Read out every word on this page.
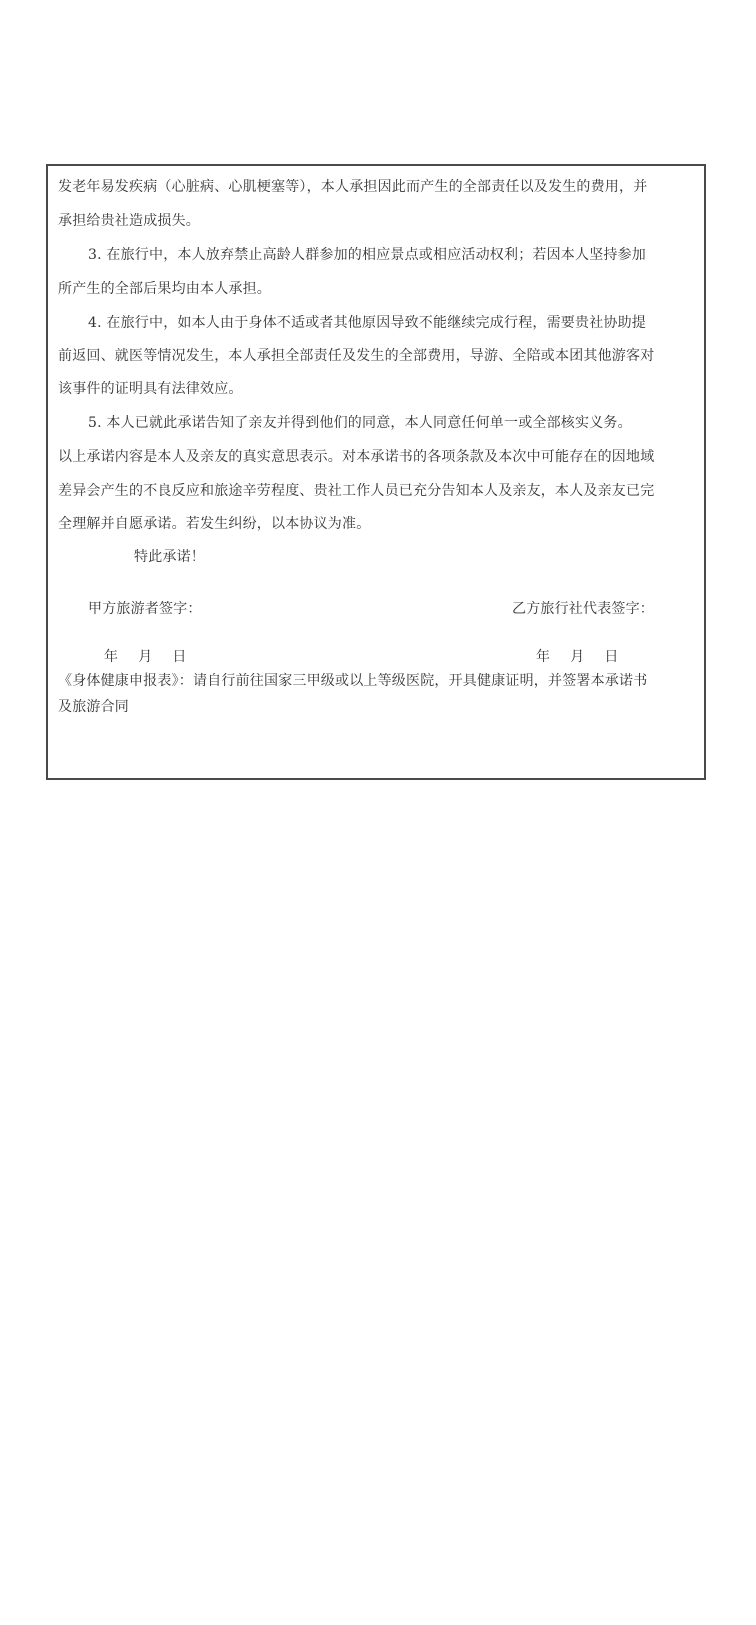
发老年易发疾病（心脏病、心肌梗塞等），本人承担因此而产生的全部责任以及发生的费用，并
承担给贵社造成损失。
3. 在旅行中，本人放弃禁止高龄人群参加的相应景点或相应活动权利；若因本人坚持参加
所产生的全部后果均由本人承担。
4. 在旅行中，如本人由于身体不适或者其他原因导致不能继续完成行程，需要贵社协助提
前返回、就医等情况发生，本人承担全部责任及发生的全部费用，导游、全陪或本团其他游客对
该事件的证明具有法律效应。
5. 本人已就此承诺告知了亲友并得到他们的同意，本人同意任何单一或全部核实义务。
以上承诺内容是本人及亲友的真实意思表示。对本承诺书的各项条款及本次中可能存在的因地域
差异会产生的不良反应和旅途辛劳程度、贵社工作人员已充分告知本人及亲友，本人及亲友已完
全理解并自愿承诺。若发生纠纷，以本协议为准。
特此承诺！
甲方旅游者签字：	乙方旅行社代表签字：
年 月 日	年 月 日
《身体健康申报表》：请自行前往国家三甲级或以上等级医院，开具健康证明，并签署本承诺书
及旅游合同
